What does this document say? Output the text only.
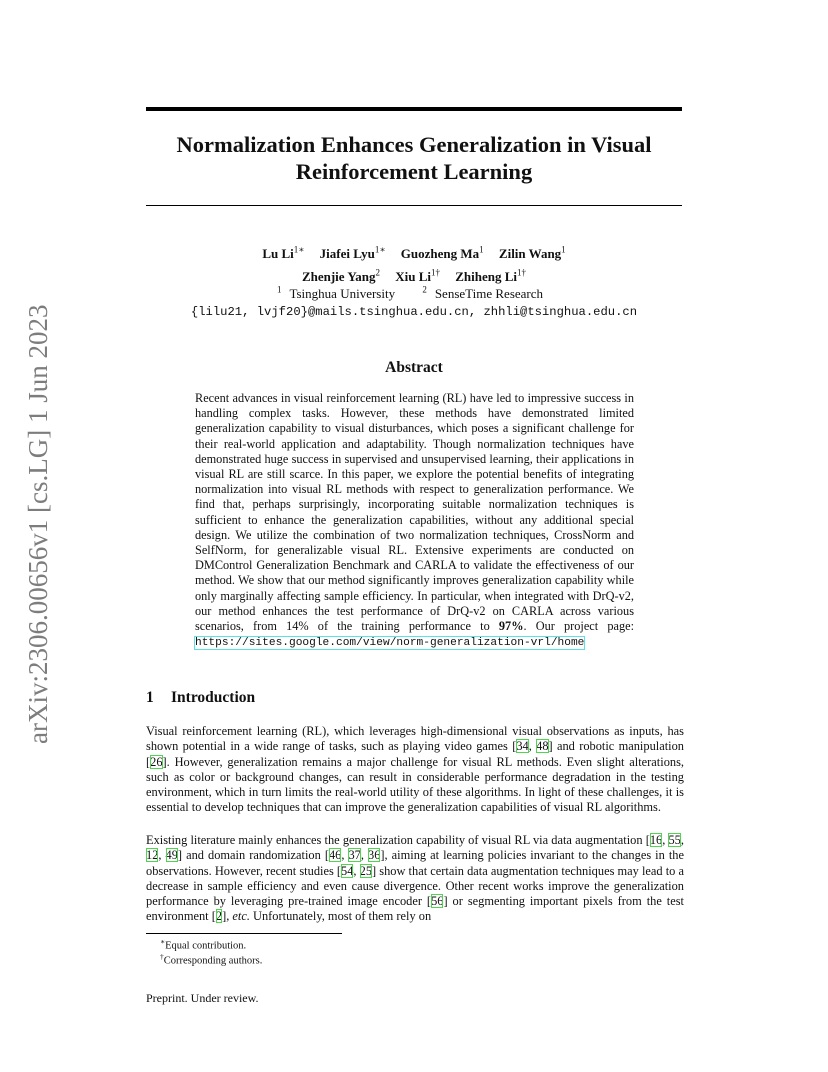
arXiv:2306.00656v1 [cs.LG] 1 Jun 2023
Normalization Enhances Generalization in Visual
Reinforcement Learning
Lu $Li^{1∗}$ Jiafei Lyu$^{1∗}$ Guozheng Ma$^1$ Zilin Wang$^1$
Zhenjie Yang$^2$ Xiu $Li^{1\dagger}$ Zhiheng $Li^{1\dagger}$
$^1$ Tsinghua University	$^2$ SenseTime Research
{lilu21, lvjf20}@mails.tsinghua.edu.cn, zhhli@tsinghua.edu.cn
Abstract
Recent advances in visual reinforcement learning (RL) have led to impressive success in handling complex tasks. However, these methods have demonstrated limited generalization capability to visual disturbances, which poses a significant challenge for their real-world application and adaptability. Though normalization techniques have demonstrated huge success in supervised and unsupervised learning, their applications in visual RL are still scarce. In this paper, we explore the potential benefits of integrating normalization into visual RL methods with respect to generalization performance. We find that, perhaps surprisingly, incorporating suitable normalization techniques is sufficient to enhance the generalization capabilities, without any additional special design. We utilize the combination of two normalization techniques, CrossNorm and SelfNorm, for generalizable visual RL. Extensive experiments are conducted on DMControl Generalization Benchmark and CARLA to validate the effectiveness of our method. We show that our method significantly improves generalization capability while only marginally affecting sample efficiency. In particular, when integrated with DrQ-v2, our method enhances the test performance of DrQ-v2 on CARLA across various scenarios, from 14% of the training performance to 97%. Our project page: https://sites.google.com/view/norm-generalization-vrl/home
1 Introduction
Visual reinforcement learning (RL), which leverages high-dimensional visual observations as inputs, has shown potential in a wide range of tasks, such as playing video games [34, 48] and robotic manipulation [26]. However, generalization remains a major challenge for visual RL methods. Even slight alterations, such as color or background changes, can result in considerable performance degradation in the testing environment, which in turn limits the real-world utility of these algorithms. In light of these challenges, it is essential to develop techniques that can improve the generalization capabilities of visual RL algorithms.
Existing literature mainly enhances the generalization capability of visual RL via data augmentation [16, 55, 12, 49] and domain randomization [46, 37, 36], aiming at learning policies invariant to the changes in the observations. However, recent studies [54, 25] show that certain data augmentation techniques may lead to a decrease in sample efficiency and even cause divergence. Other recent works improve the generalization performance by leveraging pre-trained image encoder [56] or segmenting important pixels from the test environment [2], etc. Unfortunately, most of them rely on
∗Equal contribution.
†Corresponding authors.
Preprint. Under review.
